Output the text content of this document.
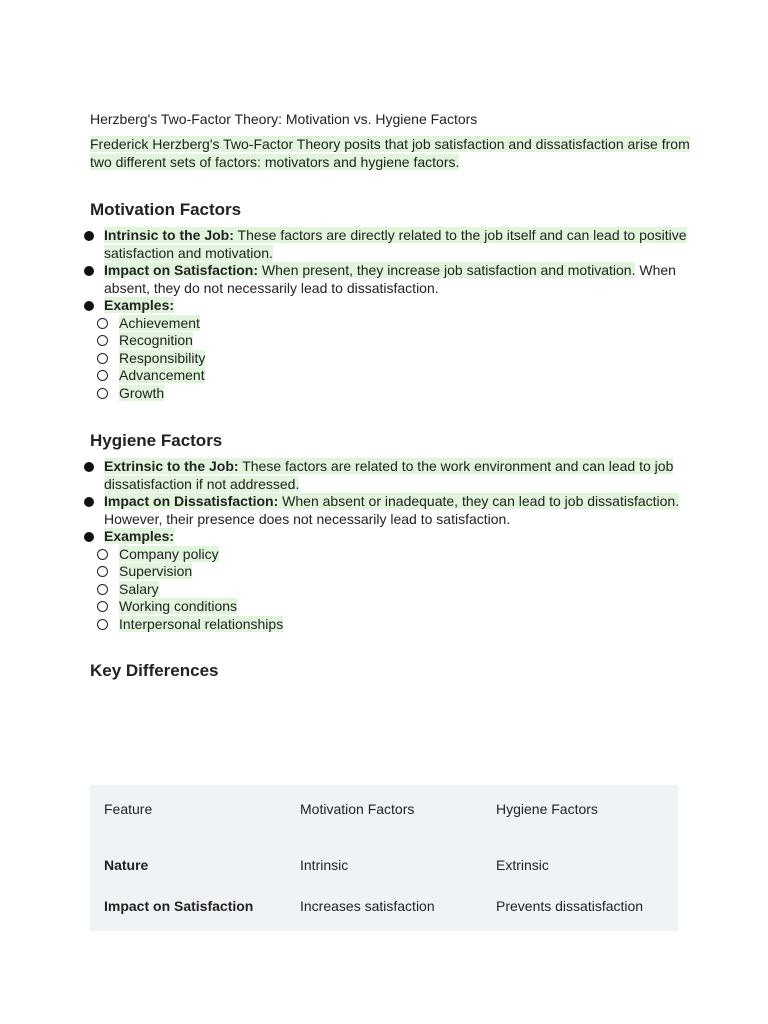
Herzberg's Two-Factor Theory: Motivation vs. Hygiene Factors

Frederick Herzberg's Two-Factor Theory posits that job satisfaction and dissatisfaction arise from two different sets of factors: motivators and hygiene factors.

Motivation Factors
Intrinsic to the Job: These factors are directly related to the job itself and can lead to positive satisfaction and motivation.
Impact on Satisfaction: When present, they increase job satisfaction and motivation. When absent, they do not necessarily lead to dissatisfaction.
Examples:
Achievement
Recognition
Responsibility
Advancement
Growth
Hygiene Factors
Extrinsic to the Job: These factors are related to the work environment and can lead to job dissatisfaction if not addressed.
Impact on Dissatisfaction: When absent or inadequate, they can lead to job dissatisfaction. However, their presence does not necessarily lead to satisfaction.
Examples:
Company policy
Supervision
Salary
Working conditions
Interpersonal relationships
Key Differences
Feature	Motivation Factors	Hygiene Factors
Nature	Intrinsic	Extrinsic
Impact on Satisfaction	Increases satisfaction	Prevents dissatisfaction
